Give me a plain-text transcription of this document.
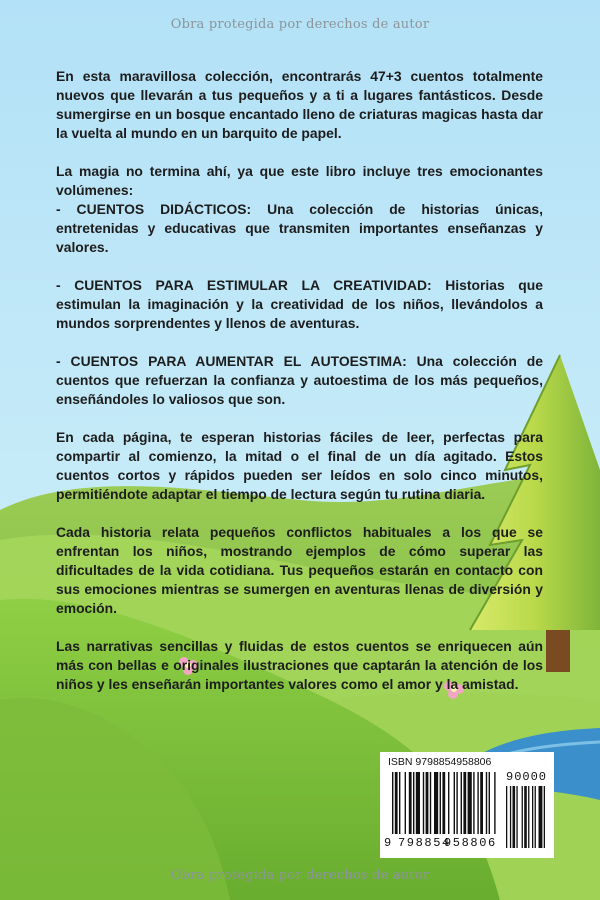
Obra protegida por derechos de autor

En esta maravillosa colección, encontrarás 47+3 cuentos totalmente nuevos que llevarán a tus pequeños y a ti a lugares fantásticos. Desde sumergirse en un bosque encantado lleno de criaturas magicas hasta dar la vuelta al mundo en un barquito de papel.

La magia no termina ahí, ya que este libro incluye tres emocionantes volúmenes:

- CUENTOS DIDÁCTICOS: Una colección de historias únicas, entretenidas y educativas que transmiten importantes enseñanzas y valores.

- CUENTOS PARA ESTIMULAR LA CREATIVIDAD: Historias que estimulan la imaginación y la creatividad de los niños, llevándolos a mundos sorprendentes y llenos de aventuras.

- CUENTOS PARA AUMENTAR EL AUTOESTIMA: Una colección de cuentos que refuerzan la confianza y autoestima de los más pequeños, enseñándoles lo valiosos que son.

En cada página, te esperan historias fáciles de leer, perfectas para compartir al comienzo, la mitad o el final de un día agitado. Estos cuentos cortos y rápidos pueden ser leídos en solo cinco minutos, permitiéndote adaptar el tiempo de lectura según tu rutina diaria.

Cada historia relata pequeños conflictos habituales a los que se enfrentan los niños, mostrando ejemplos de cómo superar las dificultades de la vida cotidiana. Tus pequeños estarán en contacto con sus emociones mientras se sumergen en aventuras llenas de diversión y emoción.

Las narrativas sencillas y fluidas de estos cuentos se enriquecen aún más con bellas e originales ilustraciones que captarán la atención de los niños y les enseñarán importantes valores como el amor y la amistad.

ISBN 9798854958806
90000
9 798854
958806
Obra protegida por derechos de autor
